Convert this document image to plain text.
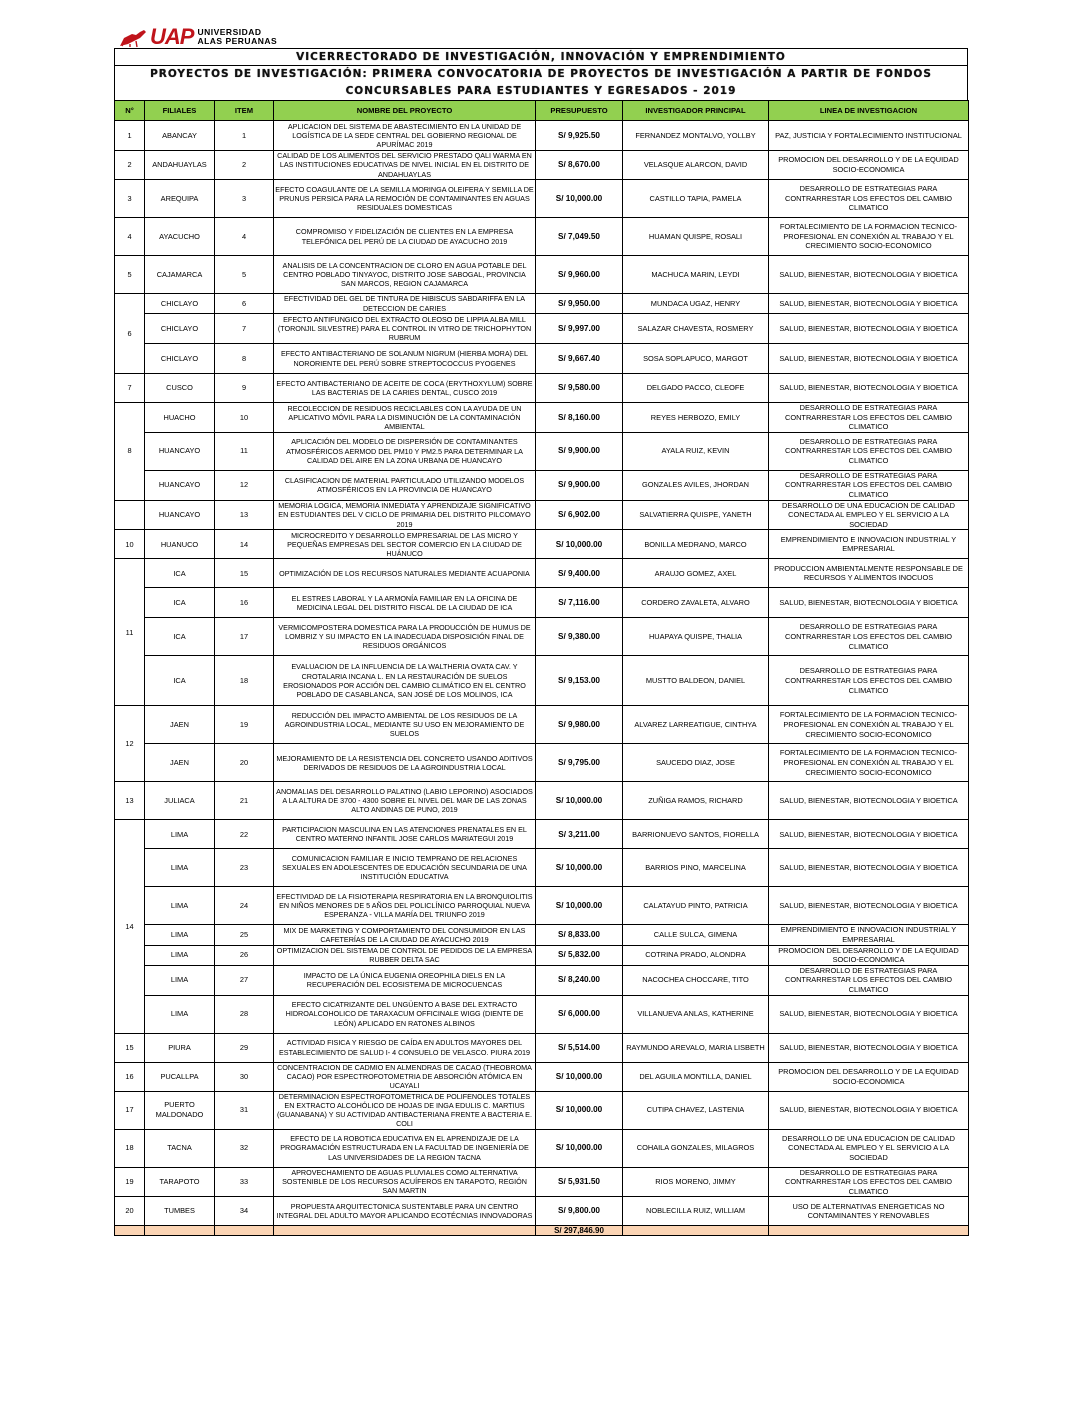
UAP UNIVERSIDAD
ALAS PERUANAS
VICERRECTORADO DE INVESTIGACIÓN, INNOVACIÓN Y EMPRENDIMIENTO
PROYECTOS DE INVESTIGACIÓN: PRIMERA CONVOCATORIA DE PROYECTOS DE INVESTIGACIÓN A PARTIR DE FONDOS CONCURSABLES PARA ESTUDIANTES Y EGRESADOS - 2019
N°	FILIALES	ITEM	NOMBRE DEL PROYECTO	PRESUPUESTO	INVESTIGADOR PRINCIPAL	LINEA DE INVESTIGACION
1	ABANCAY	1	APLICACION DEL SISTEMA DE ABASTECIMIENTO EN LA UNIDAD DE LOGÍSTICA DE LA SEDE CENTRAL DEL GOBIERNO REGIONAL DE APURÍMAC 2019	S/ 9,925.50	FERNANDEZ MONTALVO, YOLLBY	PAZ, JUSTICIA Y FORTALECIMIENTO INSTITUCIONAL
2	ANDAHUAYLAS	2	CALIDAD DE LOS ALIMENTOS DEL SERVICIO PRESTADO QALI WARMA EN LAS INSTITUCIONES EDUCATIVAS DE NIVEL INICIAL EN EL DISTRITO DE ANDAHUAYLAS	S/ 8,670.00	VELASQUE ALARCON, DAVID	PROMOCION DEL DESARROLLO Y DE LA EQUIDAD SOCIO-ECONOMICA
3	AREQUIPA	3	EFECTO COAGULANTE DE LA SEMILLA MORINGA OLEIFERA Y SEMILLA DE PRUNUS PERSICA PARA LA REMOCIÓN DE CONTAMINANTES EN AGUAS RESIDUALES DOMESTICAS	S/ 10,000.00	CASTILLO TAPIA, PAMELA	DESARROLLO DE ESTRATEGIAS PARA CONTRARRESTAR LOS EFECTOS DEL CAMBIO CLIMATICO
4	AYACUCHO	4	COMPROMISO Y FIDELIZACIÓN DE CLIENTES EN LA EMPRESA TELEFÓNICA DEL PERÚ DE LA CIUDAD DE AYACUCHO 2019	S/ 7,049.50	HUAMAN QUISPE, ROSALI	FORTALECIMIENTO DE LA FORMACION TECNICO-PROFESIONAL EN CONEXIÓN AL TRABAJO Y EL CRECIMIENTO SOCIO-ECONOMICO
5	CAJAMARCA	5	ANALISIS DE LA CONCENTRACION DE CLORO EN AGUA POTABLE DEL CENTRO POBLADO TINYAYOC, DISTRITO JOSE SABOGAL, PROVINCIA SAN MARCOS, REGION CAJAMARCA	S/ 9,960.00	MACHUCA MARIN, LEYDI	SALUD, BIENESTAR, BIOTECNOLOGIA Y BIOETICA
6	CHICLAYO	6	EFECTIVIDAD DEL GEL DE TINTURA DE HIBISCUS SABDARIFFA EN LA DETECCION DE CARIES	S/ 9,950.00	MUNDACA UGAZ, HENRY	SALUD, BIENESTAR, BIOTECNOLOGIA Y BIOETICA
	CHICLAYO	7	EFECTO ANTIFUNGICO DEL EXTRACTO OLEOSO DE LIPPIA ALBA MILL (TORONJIL SILVESTRE) PARA EL CONTROL IN VITRO DE TRICHOPHYTON RUBRUM	S/ 9,997.00	SALAZAR CHAVESTA, ROSMERY	SALUD, BIENESTAR, BIOTECNOLOGIA Y BIOETICA
	CHICLAYO	8	EFECTO ANTIBACTERIANO DE SOLANUM NIGRUM (HIERBA MORA) DEL NORORIENTE DEL PERÚ SOBRE STREPTOCOCCUS PYOGENES	S/ 9,667.40	SOSA SOPLAPUCO, MARGOT	SALUD, BIENESTAR, BIOTECNOLOGIA Y BIOETICA
7	CUSCO	9	EFECTO ANTIBACTERIANO DE ACEITE DE COCA (ERYTHOXYLUM) SOBRE LAS BACTERIAS DE LA CARIES DENTAL, CUSCO 2019	S/ 9,580.00	DELGADO PACCO, CLEOFE	SALUD, BIENESTAR, BIOTECNOLOGIA Y BIOETICA
8	HUACHO	10	RECOLECCION DE RESIDUOS RECICLABLES CON LA AYUDA DE UN APLICATIVO MÓVIL PARA LA DISMINUCIÓN DE LA CONTAMINACIÓN AMBIENTAL	S/ 8,160.00	REYES HERBOZO, EMILY	DESARROLLO DE ESTRATEGIAS PARA CONTRARRESTAR LOS EFECTOS DEL CAMBIO CLIMATICO
	HUANCAYO	11	APLICACIÓN DEL MODELO DE DISPERSIÓN DE CONTAMINANTES ATMOSFÉRICOS AERMOD DEL PM10 Y PM2.5 PARA DETERMINAR LA CALIDAD DEL AIRE EN LA ZONA URBANA DE HUANCAYO	S/ 9,900.00	AYALA RUIZ, KEVIN	DESARROLLO DE ESTRATEGIAS PARA CONTRARRESTAR LOS EFECTOS DEL CAMBIO CLIMATICO
	HUANCAYO	12	CLASIFICACION DE MATERIAL PARTICULADO UTILIZANDO MODELOS ATMOSFÉRICOS EN LA PROVINCIA DE HUANCAYO	S/ 9,900.00	GONZALES AVILES, JHORDAN	DESARROLLO DE ESTRATEGIAS PARA CONTRARRESTAR LOS EFECTOS DEL CAMBIO CLIMATICO
	HUANCAYO	13	MEMORIA LOGICA, MEMORIA INMEDIATA Y APRENDIZAJE SIGNIFICATIVO EN ESTUDIANTES DEL V CICLO DE PRIMARIA DEL DISTRITO PILCOMAYO 2019	S/ 6,902.00	SALVATIERRA QUISPE, YANETH	DESARROLLO DE UNA EDUCACION DE CALIDAD CONECTADA AL EMPLEO Y EL SERVICIO A LA SOCIEDAD
10	HUANUCO	14	MICROCREDITO Y DESARROLLO EMPRESARIAL DE LAS MICRO Y PEQUEÑAS EMPRESAS DEL SECTOR COMERCIO EN LA CIUDAD DE HUÁNUCO	S/ 10,000.00	BONILLA MEDRANO, MARCO	EMPRENDIMIENTO E INNOVACION INDUSTRIAL Y EMPRESARIAL
11	ICA	15	OPTIMIZACIÓN DE LOS RECURSOS NATURALES MEDIANTE ACUAPONIA	S/ 9,400.00	ARAUJO GOMEZ, AXEL	PRODUCCION AMBIENTALMENTE RESPONSABLE DE RECURSOS Y ALIMENTOS INOCUOS
	ICA	16	EL ESTRES LABORAL Y LA ARMONÍA FAMILIAR EN LA OFICINA DE MEDICINA LEGAL DEL DISTRITO FISCAL DE LA CIUDAD DE ICA	S/ 7,116.00	CORDERO ZAVALETA, ALVARO	SALUD, BIENESTAR, BIOTECNOLOGIA Y BIOETICA
	ICA	17	VERMICOMPOSTERA DOMESTICA PARA LA PRODUCCIÓN DE HUMUS DE LOMBRIZ Y SU IMPACTO EN LA INADECUADA DISPOSICIÓN FINAL DE RESIDUOS ORGÁNICOS	S/ 9,380.00	HUAPAYA QUISPE, THALIA	DESARROLLO DE ESTRATEGIAS PARA CONTRARRESTAR LOS EFECTOS DEL CAMBIO CLIMATICO
	ICA	18	EVALUACION DE LA INFLUENCIA DE LA WALTHERIA OVATA CAV. Y CROTALARIA INCANA L. EN LA RESTAURACIÓN DE SUELOS EROSIONADOS POR ACCIÓN DEL CAMBIO CLIMÁTICO EN EL CENTRO POBLADO DE CASABLANCA, SAN JOSÉ DE LOS MOLINOS, ICA	S/ 9,153.00	MUSTTO BALDEON, DANIEL	DESARROLLO DE ESTRATEGIAS PARA CONTRARRESTAR LOS EFECTOS DEL CAMBIO CLIMATICO
12	JAEN	19	REDUCCIÓN DEL IMPACTO AMBIENTAL DE LOS RESIDUOS DE LA AGROINDUSTRIA LOCAL, MEDIANTE SU USO EN MEJORAMIENTO DE SUELOS	S/ 9,980.00	ALVAREZ LARREATIGUE, CINTHYA	FORTALECIMIENTO DE LA FORMACION TECNICO-PROFESIONAL EN CONEXIÓN AL TRABAJO Y EL CRECIMIENTO SOCIO-ECONOMICO
	JAEN	20	MEJORAMIENTO DE LA RESISTENCIA DEL CONCRETO USANDO ADITIVOS DERIVADOS DE RESIDUOS DE LA AGROINDUSTRIA LOCAL	S/ 9,795.00	SAUCEDO DIAZ, JOSE	FORTALECIMIENTO DE LA FORMACION TECNICO-PROFESIONAL EN CONEXIÓN AL TRABAJO Y EL CRECIMIENTO SOCIO-ECONOMICO
13	JULIACA	21	ANOMALIAS DEL DESARROLLO PALATINO (LABIO LEPORINO) ASOCIADOS A LA ALTURA DE 3700 - 4300 SOBRE EL NIVEL DEL MAR DE LAS ZONAS ALTO ANDINAS DE PUNO, 2019	S/ 10,000.00	ZUÑIGA RAMOS, RICHARD	SALUD, BIENESTAR, BIOTECNOLOGIA Y BIOETICA
14	LIMA	22	PARTICIPACION MASCULINA EN LAS ATENCIONES PRENATALES EN EL CENTRO MATERNO INFANTIL JOSE CARLOS MARIATEGUI 2019	S/ 3,211.00	BARRIONUEVO SANTOS, FIORELLA	SALUD, BIENESTAR, BIOTECNOLOGIA Y BIOETICA
	LIMA	23	COMUNICACION FAMILIAR E INICIO TEMPRANO DE RELACIONES SEXUALES EN ADOLESCENTES DE EDUCACIÓN SECUNDARIA DE UNA INSTITUCIÓN EDUCATIVA	S/ 10,000.00	BARRIOS PINO, MARCELINA	SALUD, BIENESTAR, BIOTECNOLOGIA Y BIOETICA
	LIMA	24	EFECTIVIDAD DE LA FISIOTERAPIA RESPIRATORIA EN LA BRONQUIOLITIS EN NIÑOS MENORES DE 5 AÑOS DEL POLICLÍNICO PARROQUIAL NUEVA ESPERANZA - VILLA MARÍA DEL TRIUNFO 2019	S/ 10,000.00	CALATAYUD PINTO, PATRICIA	SALUD, BIENESTAR, BIOTECNOLOGIA Y BIOETICA
	LIMA	25	MIX DE MARKETING Y COMPORTAMIENTO DEL CONSUMIDOR EN LAS CAFETERÍAS DE LA CIUDAD DE AYACUCHO 2019	S/ 8,833.00	CALLE SULCA, GIMENA	EMPRENDIMIENTO E INNOVACION INDUSTRIAL Y EMPRESARIAL
	LIMA	26	OPTIMIZACION DEL SISTEMA DE CONTROL DE PEDIDOS DE LA EMPRESA RUBBER DELTA SAC	S/ 5,832.00	COTRINA PRADO, ALONDRA	PROMOCION DEL DESARROLLO Y DE LA EQUIDAD SOCIO-ECONOMICA
	LIMA	27	IMPACTO DE LA ÚNICA EUGENIA OREOPHILA DIELS EN LA RECUPERACIÓN DEL ECOSISTEMA DE MICROCUENCAS	S/ 8,240.00	NACOCHEA CHOCCARE, TITO	DESARROLLO DE ESTRATEGIAS PARA CONTRARRESTAR LOS EFECTOS DEL CAMBIO CLIMATICO
	LIMA	28	EFECTO CICATRIZANTE DEL UNGÜENTO A BASE DEL EXTRACTO HIDROALCOHOLICO DE TARAXACUM OFFICINALE WIGG (DIENTE DE LEÓN) APLICADO EN RATONES ALBINOS	S/ 6,000.00	VILLANUEVA ANLAS, KATHERINE	SALUD, BIENESTAR, BIOTECNOLOGIA Y BIOETICA
15	PIURA	29	ACTIVIDAD FISICA Y RIESGO DE CAÍDA EN ADULTOS MAYORES DEL ESTABLECIMIENTO DE SALUD I- 4 CONSUELO DE VELASCO. PIURA 2019	S/ 5,514.00	RAYMUNDO AREVALO, MARIA LISBETH	SALUD, BIENESTAR, BIOTECNOLOGIA Y BIOETICA
16	PUCALLPA	30	CONCENTRACION DE CADMIO EN ALMENDRAS DE CACAO (THEOBROMA CACAO) POR ESPECTROFOTOMETRIA DE ABSORCIÓN ATÓMICA EN UCAYALI	S/ 10,000.00	DEL AGUILA MONTILLA, DANIEL	PROMOCION DEL DESARROLLO Y DE LA EQUIDAD SOCIO-ECONOMICA
17	PUERTO MALDONADO	31	DETERMINACION ESPECTROFOTOMETRICA DE POLIFENOLES TOTALES EN EXTRACTO ALCOHÓLICO DE HOJAS DE INGA EDULIS C. MARTIUS (GUANABANA) Y SU ACTIVIDAD ANTIBACTERIANA FRENTE A BACTERIA E. COLI	S/ 10,000.00	CUTIPA CHAVEZ, LASTENIA	SALUD, BIENESTAR, BIOTECNOLOGIA Y BIOETICA
18	TACNA	32	EFECTO DE LA ROBOTICA EDUCATIVA EN EL APRENDIZAJE DE LA PROGRAMACIÓN ESTRUCTURADA EN LA FACULTAD DE INGENIERÍA DE LAS UNIVERSIDADES DE LA REGION TACNA	S/ 10,000.00	COHAILA GONZALES, MILAGROS	DESARROLLO DE UNA EDUCACION DE CALIDAD CONECTADA AL EMPLEO Y EL SERVICIO A LA SOCIEDAD
19	TARAPOTO	33	APROVECHAMIENTO DE AGUAS PLUVIALES COMO ALTERNATIVA SOSTENIBLE DE LOS RECURSOS ACUÍFEROS EN TARAPOTO, REGIÓN SAN MARTIN	S/ 5,931.50	RIOS MORENO, JIMMY	DESARROLLO DE ESTRATEGIAS PARA CONTRARRESTAR LOS EFECTOS DEL CAMBIO CLIMATICO
20	TUMBES	34	PROPUESTA ARQUITECTONICA SUSTENTABLE PARA UN CENTRO INTEGRAL DEL ADULTO MAYOR APLICANDO ECOTÉCNIAS INNOVADORAS	S/ 9,800.00	NOBLECILLA RUIZ, WILLIAM	USO DE ALTERNATIVAS ENERGETICAS NO CONTAMINANTES Y RENOVABLES
				S/ 297,846.90		
